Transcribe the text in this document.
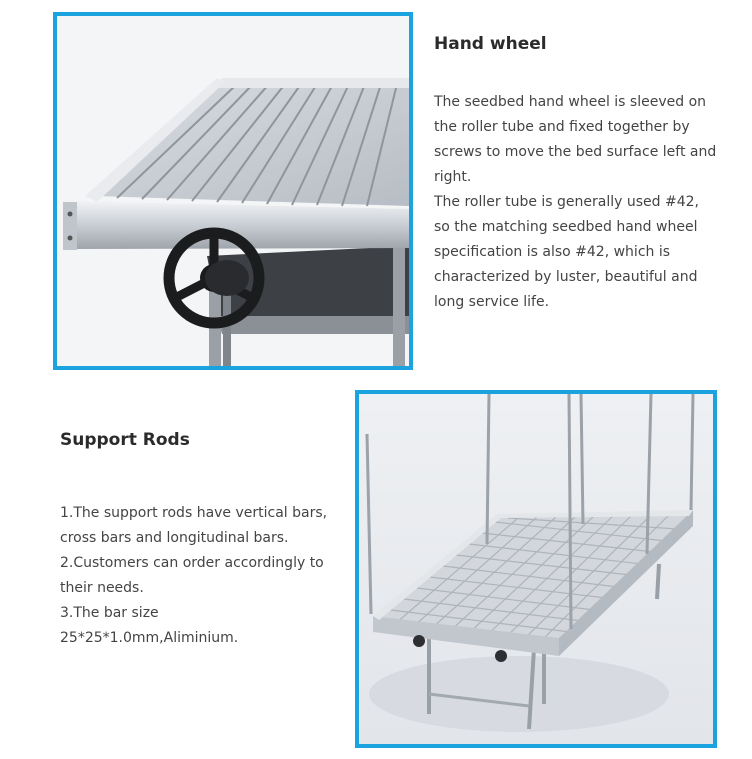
Hand wheel

The seedbed hand wheel is sleeved on
the roller tube and fixed together by
screws to move the bed surface left and
right.
The roller tube is generally used #42,
so the matching seedbed hand wheel
specification is also #42, which is
characterized by luster, beautiful and
long service life.

Support Rods

1.The support rods have vertical bars,
cross bars and longitudinal bars.
2.Customers can order accordingly to
their needs.
3.The bar size
25*25*1.0mm,Aliminium.
